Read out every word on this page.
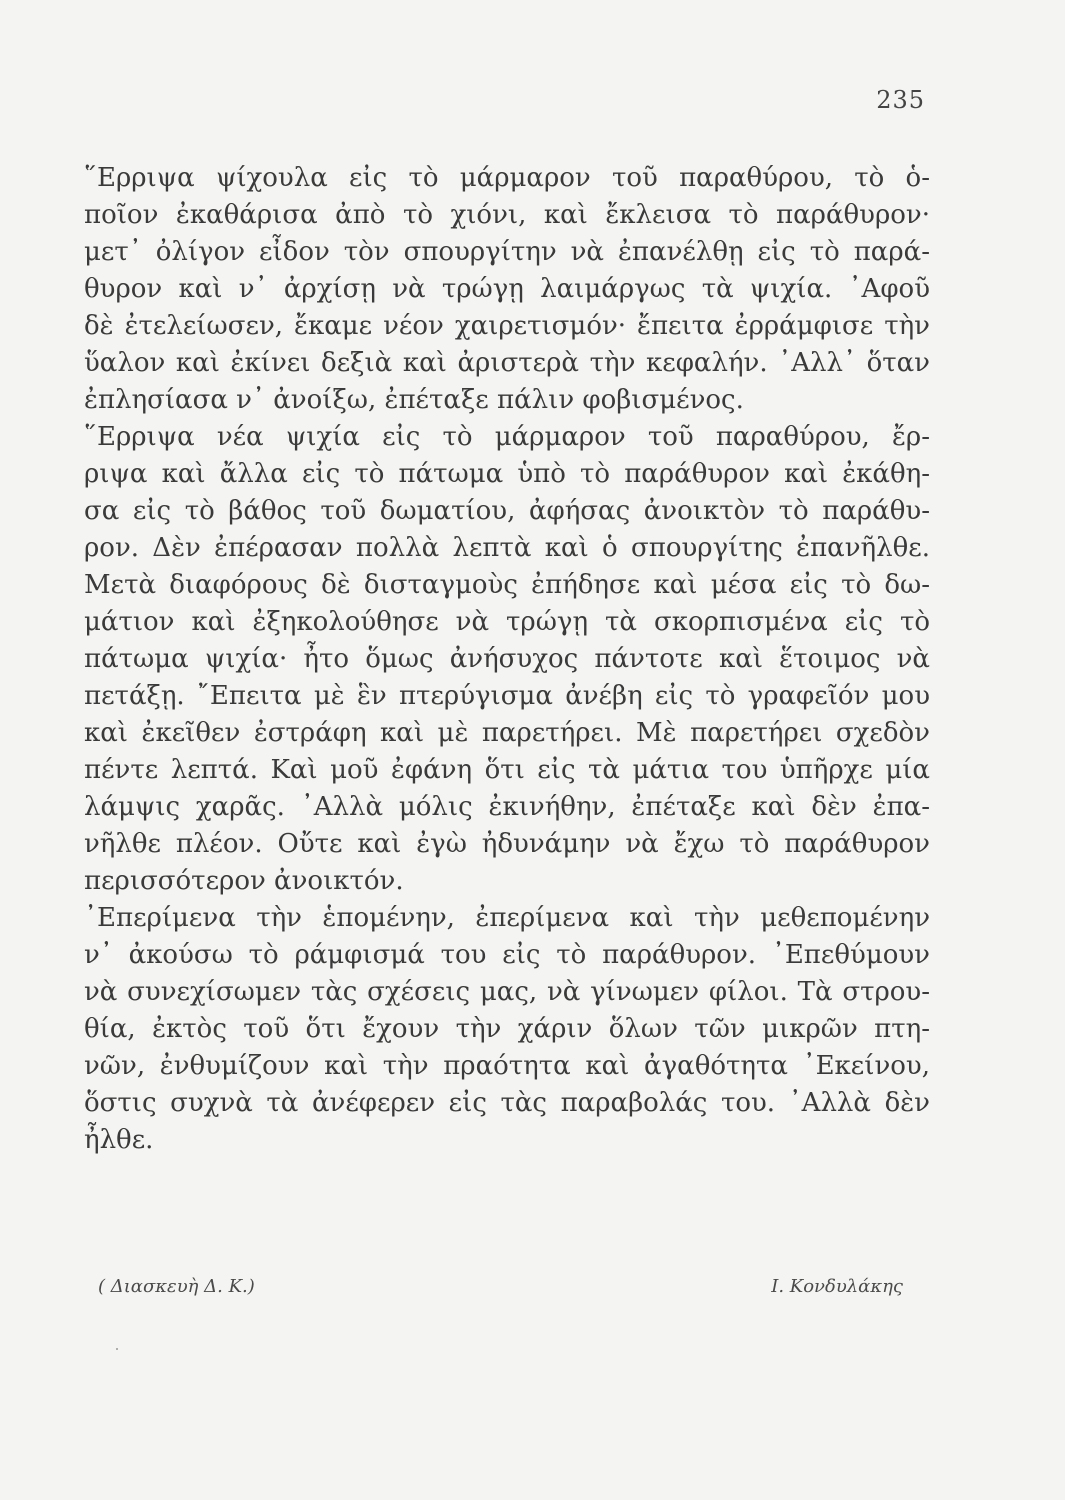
235
῞Ερριψα ψίχουλα εἰς τὸ μάρμαρον τοῦ παραθύρου, τὸ ὁ-
ποῖον ἐκαθάρισα ἀπὸ τὸ χιόνι, καὶ ἔκλεισα τὸ παράθυρον·
μετ᾽ ὀλίγον εἶδον τὸν σπουργίτην νὰ ἐπανέλθῃ εἰς τὸ παρά-
θυρον καὶ ν᾽ ἀρχίσῃ νὰ τρώγῃ λαιμάργως τὰ ψιχία. ᾽Αφοῦ
δὲ ἐτελείωσεν, ἔκαμε νέον χαιρετισμόν· ἔπειτα ἐρράμφισε τὴν
ὕαλον καὶ ἐκίνει δεξιὰ καὶ ἀριστερὰ τὴν κεφαλήν. ᾽Αλλ᾽ ὅταν
ἐπλησίασα ν᾽ ἀνοίξω, ἐπέταξε πάλιν φοβισμένος.
῞Ερριψα νέα ψιχία εἰς τὸ μάρμαρον τοῦ παραθύρου, ἔρ-
ριψα καὶ ἄλλα εἰς τὸ πάτωμα ὑπὸ τὸ παράθυρον καὶ ἐκάθη-
σα εἰς τὸ βάθος τοῦ δωματίου, ἀφήσας ἀνοικτὸν τὸ παράθυ-
ρον. Δὲν ἐπέρασαν πολλὰ λεπτὰ καὶ ὁ σπουργίτης ἐπανῆλθε.
Μετὰ διαφόρους δὲ δισταγμοὺς ἐπήδησε καὶ μέσα εἰς τὸ δω-
μάτιον καὶ ἐξηκολούθησε νὰ τρώγῃ τὰ σκορπισμένα εἰς τὸ
πάτωμα ψιχία· ἦτο ὅμως ἀνήσυχος πάντοτε καὶ ἕτοιμος νὰ
πετάξῃ. ῎Επειτα μὲ ἓν πτερύγισμα ἀνέβη εἰς τὸ γραφεῖόν μου
καὶ ἐκεῖθεν ἐστράφη καὶ μὲ παρετήρει. Μὲ παρετήρει σχεδὸν
πέντε λεπτά. Καὶ μοῦ ἐφάνη ὅτι εἰς τὰ μάτια του ὑπῆρχε μία
λάμψις χαρᾶς. ᾽Αλλὰ μόλις ἐκινήθην, ἐπέταξε καὶ δὲν ἐπα-
νῆλθε πλέον. Οὔτε καὶ ἐγὼ ἠδυνάμην νὰ ἔχω τὸ παράθυρον
περισσότερον ἀνοικτόν.
᾽Επερίμενα τὴν ἑπομένην, ἐπερίμενα καὶ τὴν μεθεπομένην
ν᾽ ἀκούσω τὸ ράμφισμά του εἰς τὸ παράθυρον. ᾽Επεθύμουν
νὰ συνεχίσωμεν τὰς σχέσεις μας, νὰ γίνωμεν φίλοι. Τὰ στρου-
θία, ἐκτὸς τοῦ ὅτι ἔχουν τὴν χάριν ὅλων τῶν μικρῶν πτη-
νῶν, ἐνθυμίζουν καὶ τὴν πραότητα καὶ ἀγαθότητα ᾽Εκείνου,
ὅστις συχνὰ τὰ ἀνέφερεν εἰς τὰς παραβολάς του. ᾽Αλλὰ δὲν
ἦλθε.
( Διασκευὴ Δ. Κ.)	Ι. Κονδυλάκης
